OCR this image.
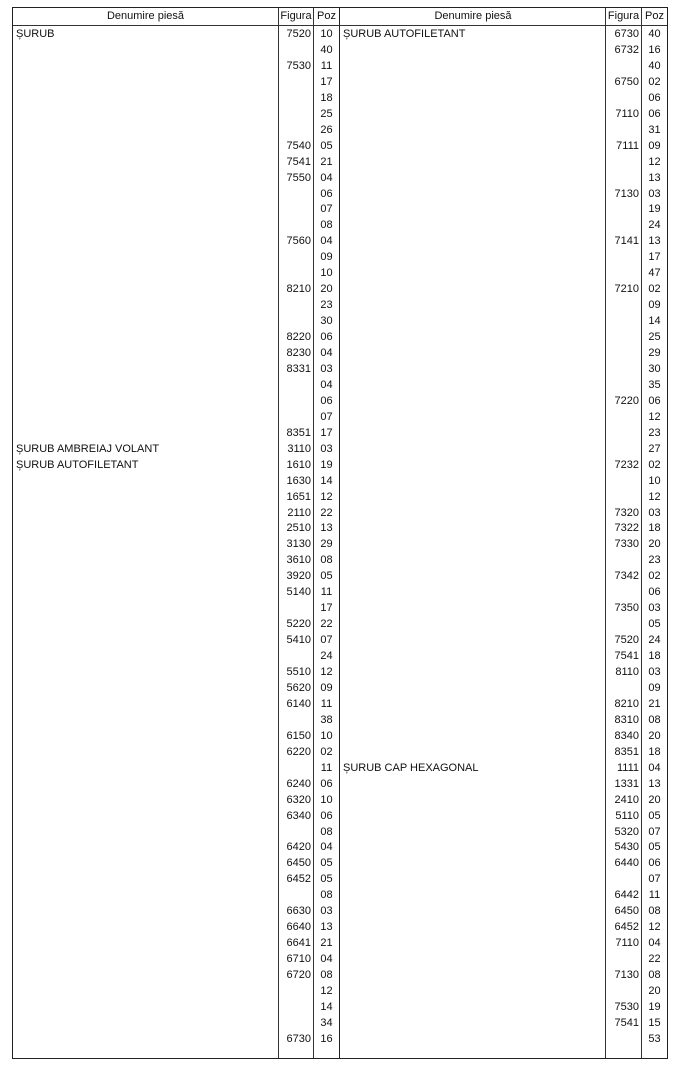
Denumire piesă	Figura Poz	Denumire piesă	Figura Poz
ȘURUB	7520 10
40
7530 11
17
18
25
26
7540 05
7541 21
7550 04
06
07
08
7560 04
09
10
8210 20
23
30
8220 06
8230 04
8331 03
04
06
07
8351 17
ȘURUB AMBREIAJ VOLANT	3110 03
ȘURUB AUTOFILETANT	1610 19
1630 14
1651 12
2110 22
2510 13
3130 29
3610 08
3920 05
5140 11
17
5220 22
5410 07
24
5510 12
5620 09
6140 11
38
6150 10
6220 02
11
6240 06
6320 10
6340 06
08
6420 04
6450 05
6452 05
08
6630 03
6640 13
6641 21
6710 04
6720 08
12
14
34
6730 16
ȘURUB AUTOFILETANT	6730 40
6732 16
40
6750 02
06
7110 06
31
7111 09
12
13
7130 03
19
24
7141 13
17
47
7210 02
09
14
25
29
30
35
7220 06
12
23
27
7232 02
10
12
7320 03
7322 18
7330 20
23
7342 02
06
7350 03
05
7520 24
7541 18
8110 03
09
8210 21
8310 08
8340 20
8351 18
ȘURUB CAP HEXAGONAL	1111 04
1331 13
2410 20
5110 05
5320 07
5430 05
6440 06
07
6442 11
6450 08
6452 12
7110 04
22
7130 08
20
7530 19
7541 15
53
